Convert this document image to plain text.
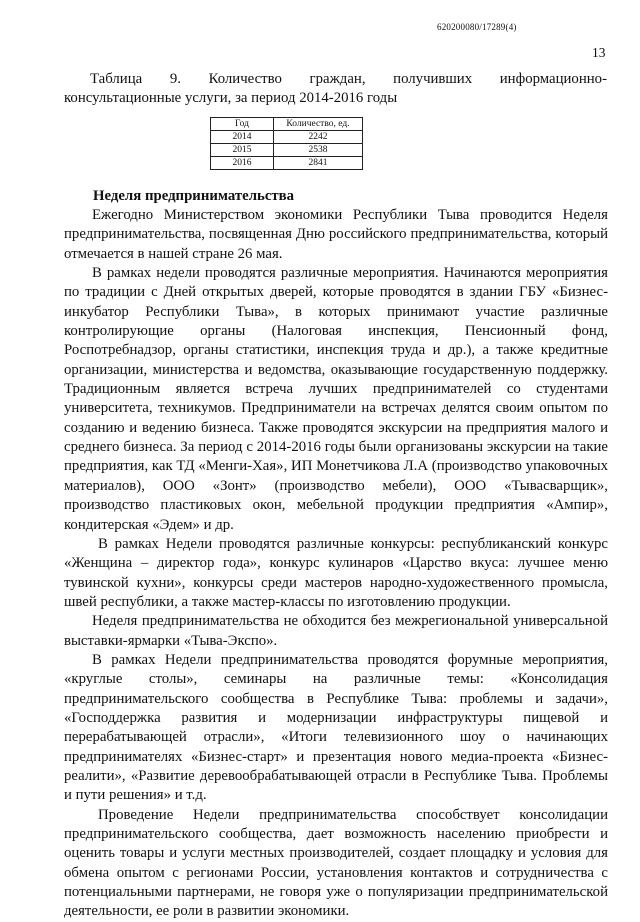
620200080/17289(4)
13
Таблица 9. Количество граждан, получивших информационно-
консультационные услуги, за период 2014-2016 годы
Год	Количество, ед.
2014	2242
2015	2538
2016	2841
Неделя предпринимательства

Ежегодно Министерством экономики Республики Тыва проводится Неделя предпринимательства, посвященная Дню российского предпринимательства, который отмечается в нашей стране 26 мая.

В рамках недели проводятся различные мероприятия. Начинаются мероприятия по традиции с Дней открытых дверей, которые проводятся в здании ГБУ «Бизнес-инкубатор Республики Тыва», в которых принимают участие различные контролирующие органы (Налоговая инспекция, Пенсионный фонд, Роспотребнадзор, органы статистики, инспекция труда и др.), а также кредитные организации, министерства и ведомства, оказывающие государственную поддержку. Традиционным является встреча лучших предпринимателей со студентами университета, техникумов. Предприниматели на встречах делятся своим опытом по созданию и ведению бизнеса. Также проводятся экскурсии на предприятия малого и среднего бизнеса. За период с 2014-2016 годы были организованы экскурсии на такие предприятия, как ТД «Менги-Хая», ИП Монетчикова Л.А (производство упаковочных материалов), ООО «Зонт» (производство мебели), ООО «Тывасварщик», производство пластиковых окон, мебельной продукции предприятия «Ампир», кондитерская «Эдем» и др.

В рамках Недели проводятся различные конкурсы: республиканский конкурс «Женщина – директор года», конкурс кулинаров «Царство вкуса: лучшее меню тувинской кухни», конкурсы среди мастеров народно-художественного промысла, швей республики, а также мастер-классы по изготовлению продукции.

Неделя предпринимательства не обходится без межрегиональной универсальной выставки-ярмарки «Тыва-Экспо».

В рамках Недели предпринимательства проводятся форумные мероприятия, «круглые столы», семинары на различные темы: «Консолидация предпринимательского сообщества в Республике Тыва: проблемы и задачи», «Господдержка развития и модернизации инфраструктуры пищевой и перерабатывающей отрасли», «Итоги телевизионного шоу о начинающих предпринимателях «Бизнес-старт» и презентация нового медиа-проекта «Бизнес-реалити», «Развитие деревообрабатывающей отрасли в Республике Тыва. Проблемы и пути решения» и т.д.

Проведение Недели предпринимательства способствует консолидации предпринимательского сообщества, дает возможность населению приобрести и оценить товары и услуги местных производителей, создает площадку и условия для обмена опытом с регионами России, установления контактов и сотрудничества с потенциальными партнерами, не говоря уже о популяризации предпринимательской деятельности, ее роли в развитии экономики.
